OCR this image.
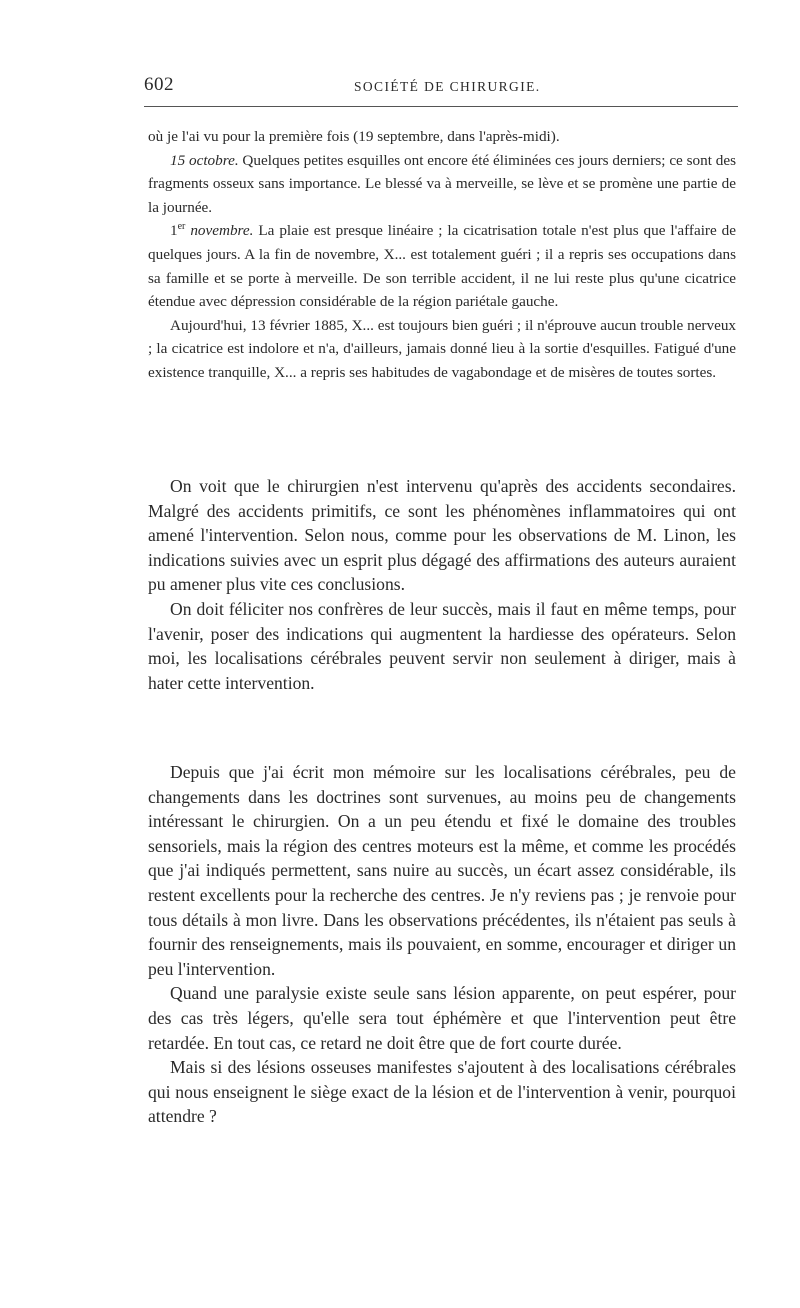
602	SOCIÉTÉ DE CHIRURGIE.

où je l'ai vu pour la première fois (19 septembre, dans l'après-midi).

15 octobre. Quelques petites esquilles ont encore été éliminées ces jours derniers; ce sont des fragments osseux sans importance. Le blessé va à merveille, se lève et se promène une partie de la journée.

1er novembre. La plaie est presque linéaire ; la cicatrisation totale n'est plus que l'affaire de quelques jours. A la fin de novembre, X... est totalement guéri ; il a repris ses occupations dans sa famille et se porte à merveille. De son terrible accident, il ne lui reste plus qu'une cicatrice étendue avec dépression considérable de la région pariétale gauche.

Aujourd'hui, 13 février 1885, X... est toujours bien guéri ; il n'éprouve aucun trouble nerveux ; la cicatrice est indolore et n'a, d'ailleurs, jamais donné lieu à la sortie d'esquilles. Fatigué d'une existence tranquille, X... a repris ses habitudes de vagabondage et de misères de toutes sortes.

On voit que le chirurgien n'est intervenu qu'après des accidents secondaires. Malgré des accidents primitifs, ce sont les phénomènes inflammatoires qui ont amené l'intervention. Selon nous, comme pour les observations de M. Linon, les indications suivies avec un esprit plus dégagé des affirmations des auteurs auraient pu amener plus vite ces conclusions.

On doit féliciter nos confrères de leur succès, mais il faut en même temps, pour l'avenir, poser des indications qui augmentent la hardiesse des opérateurs. Selon moi, les localisations cérébrales peuvent servir non seulement à diriger, mais à hater cette intervention.

Depuis que j'ai écrit mon mémoire sur les localisations cérébrales, peu de changements dans les doctrines sont survenues, au moins peu de changements intéressant le chirurgien. On a un peu étendu et fixé le domaine des troubles sensoriels, mais la région des centres moteurs est la même, et comme les procédés que j'ai indiqués permettent, sans nuire au succès, un écart assez considérable, ils restent excellents pour la recherche des centres. Je n'y reviens pas ; je renvoie pour tous détails à mon livre. Dans les observations précédentes, ils n'étaient pas seuls à fournir des renseignements, mais ils pouvaient, en somme, encourager et diriger un peu l'intervention.

Quand une paralysie existe seule sans lésion apparente, on peut espérer, pour des cas très légers, qu'elle sera tout éphémère et que l'intervention peut être retardée. En tout cas, ce retard ne doit être que de fort courte durée.

Mais si des lésions osseuses manifestes s'ajoutent à des localisations cérébrales qui nous enseignent le siège exact de la lésion et de l'intervention à venir, pourquoi attendre ?
